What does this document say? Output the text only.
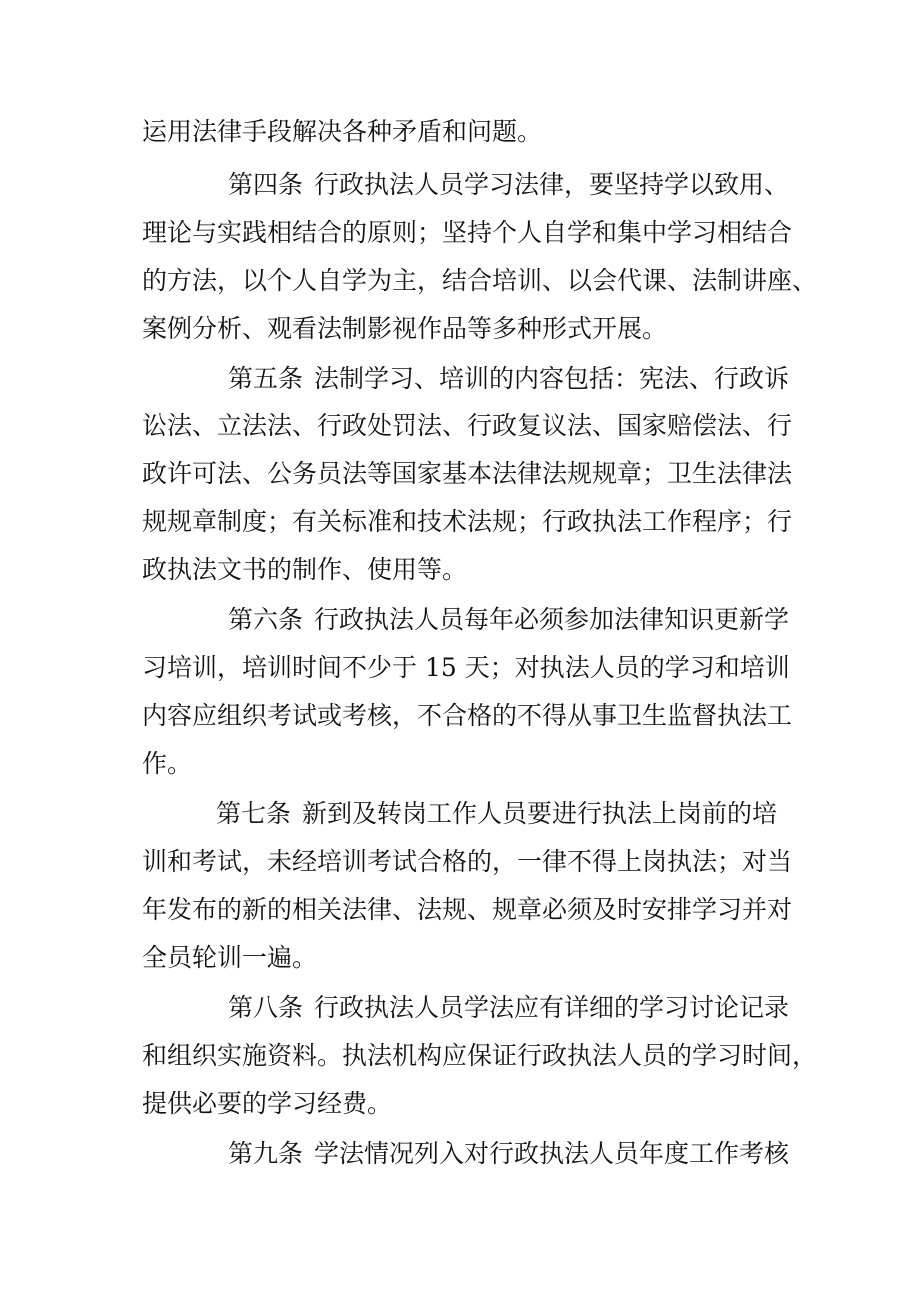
运用法律手段解决各种矛盾和问题。
第四条 行政执法人员学习法律，要坚持学以致用、
理论与实践相结合的原则；坚持个人自学和集中学习相结合
的方法，以个人自学为主，结合培训、以会代课、法制讲座、
案例分析、观看法制影视作品等多种形式开展。
第五条 法制学习、培训的内容包括：宪法、行政诉
讼法、立法法、行政处罚法、行政复议法、国家赔偿法、行
政许可法、公务员法等国家基本法律法规规章；卫生法律法
规规章制度；有关标准和技术法规；行政执法工作程序；行
政执法文书的制作、使用等。
第六条 行政执法人员每年必须参加法律知识更新学
习培训，培训时间不少于 15 天；对执法人员的学习和培训
内容应组织考试或考核，不合格的不得从事卫生监督执法工
作。
第七条 新到及转岗工作人员要进行执法上岗前的培
训和考试，未经培训考试合格的，一律不得上岗执法；对当
年发布的新的相关法律、法规、规章必须及时安排学习并对
全员轮训一遍。
第八条 行政执法人员学法应有详细的学习讨论记录
和组织实施资料。执法机构应保证行政执法人员的学习时间，
提供必要的学习经费。
第九条 学法情况列入对行政执法人员年度工作考核
